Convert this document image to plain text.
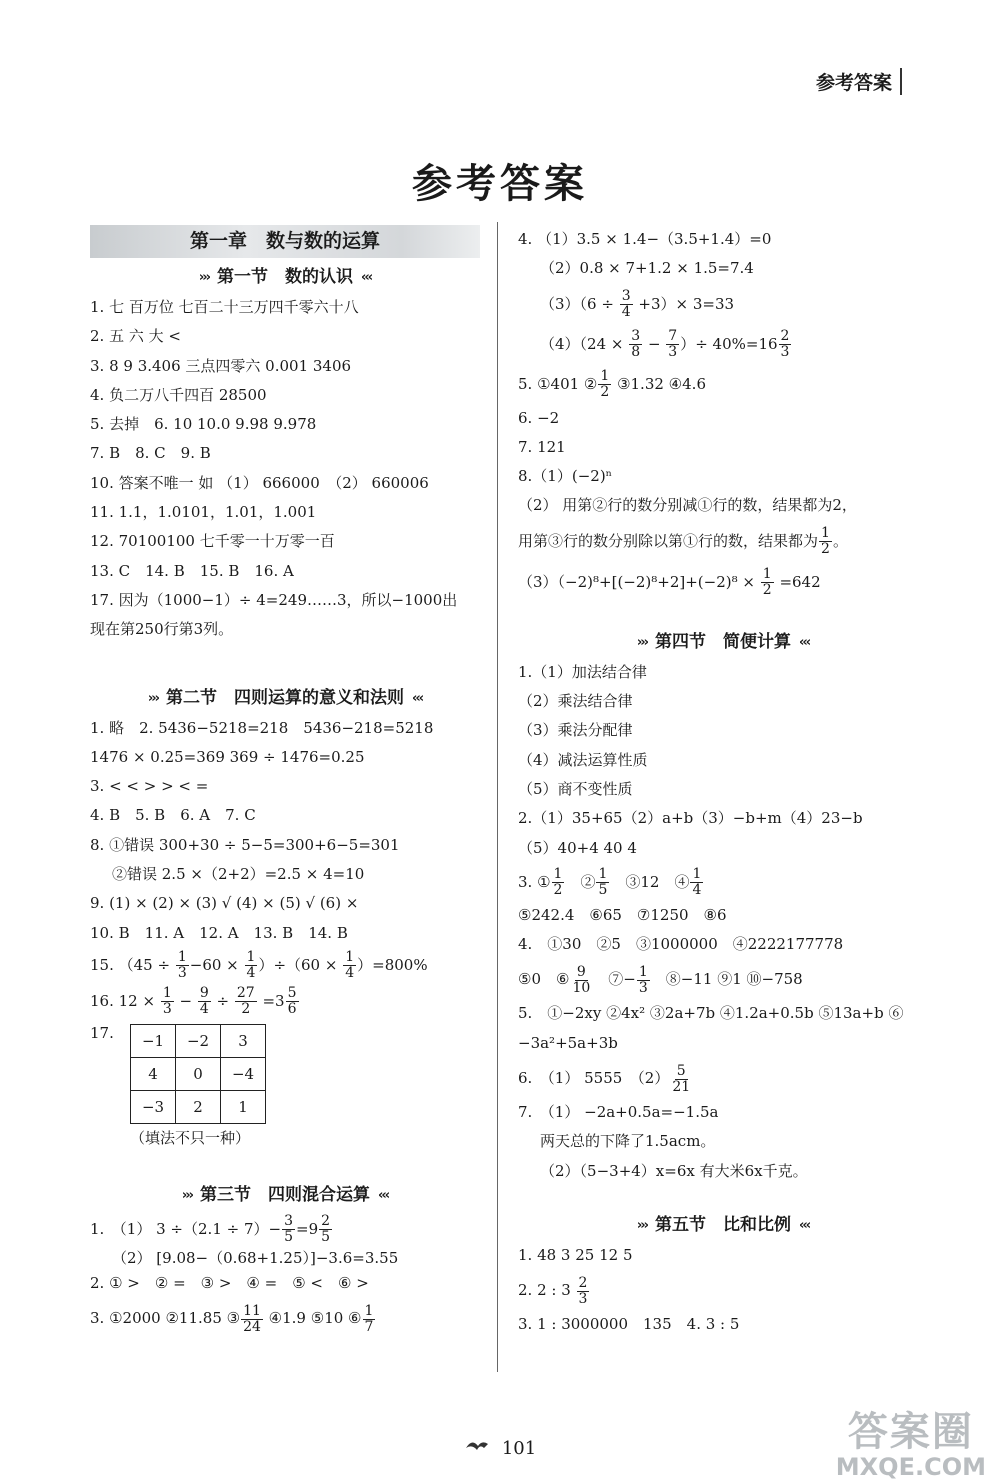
参考答案
参考答案
第一章　数与数的运算
››› 第一节　数的认识 ‹‹‹
1. 七 百万位 七百二十三万四千零六十八
2. 五 六 大 <
3. 8 9 3.406 三点四零六 0.001 3406
4. 负二万八千四百 28500
5. 去掉　6. 10 10.0 9.98 9.978
7. B　8. C　9. B
10. 答案不唯一 如 （1） 666000　（2） 660006
11. 1.1，1.0101，1.01，1.001
12. 70100100 七千零一十万零一百
13. C　14. B　15. B　16. A
17. 因为（1000−1）÷ 4=249……3，所以−1000出
现在第250行第3列。
››› 第二节　四则运算的意义和法则 ‹‹‹
1. 略　2. 5436−5218=218　5436−218=5218
1476 × 0.25=369 369 ÷ 1476=0.25
3. < < > > < =
4. B　5. B　6. A　7. C
8. ①错误 300+30 ÷ 5−5=300+6−5=301
②错误 2.5 ×（2+2）=2.5 × 4=10
9. (1) × (2) × (3) √ (4) × (5) √ (6) ×
10. B　11. A　12. A　13. B　14. B
15. $(45 \div \frac{1}{3} -60 \times \frac{1}{4} )\div(60 \times \frac{1}{4} )=800\%$
16. $12 \times \frac{1}{3} - \frac{9}{4} \div \frac{27}{2} =3 \frac{5}{6}$
17.	−1	−2	3
4	0	−4
−3	2	1
（填法不只一种）
››› 第三节　四则混合运算 ‹‹‹
1.　（1） $3 \div(2.1 \div 7)- \frac{3}{5} =9 \frac{2}{5}$
（2） [9.08−（0.68+1.25）]−3.6=3.55
2. ① >　② =　③ >　④ =　⑤ <　⑥ >
3. ①2000 ②11.85 ③ $\frac{11}{24}$ ④1.9 ⑤10 ⑥ $\frac{1}{7}$
4. （1）3.5 × 1.4−（3.5+1.4）=0
（2）0.8 × 7+1.2 × 1.5=7.4
$(3)(6 \div \frac{3}{4} +3)\times 3=33$
$(4)(24 \times \frac{3}{8} - \frac{7}{3}$ ）÷ $40\%=16 \frac{2}{3}$
5. ①401 ② $\frac{1}{2}$ ③1.32 ④4.6
6. −2
7. 121
8.（1）(−2)ⁿ
（2） 用第②行的数分别减①行的数，结果都为2，
用第③行的数分别除以第①行的数，结果都为 $\frac{1}{2}$ 。
$(3)(-2)^8+[(-2)^8+2]+(-2)^8 \times \frac{1}{2} =642$
››› 第四节　简便计算 ‹‹‹
1.（1）加法结合律
（2）乘法结合律
（3）乘法分配律
（4）减法运算性质
（5）商不变性质
2.（1）35+65（2）a+b（3）−b+m（4）23−b
（5）40+4 40 4
3. ① $\frac{1}{2}$ 　② $\frac{1}{5}$ 　③12　④ $\frac{1}{4}$
⑤242.4　⑥65　⑦1250　⑧6
4.　①30　②5　③1000000　④2222177778
⑤0　⑥ $\frac{9}{10}$ 　⑦− $\frac{1}{3}$ 　⑧−11 ⑨1 ⑩−758
5.　①−2xy ②4x² ③2a+7b ④1.2a+0.5b ⑤13a+b ⑥
−3a²+5a+3b
6.　（1） 5555　$(2) \frac{5}{21}$
7.　（1） −2a+0.5a=−1.5a
两天总的下降了1.5acm。
（2）（5−3+4）x=6x 有大米6x千克。
››› 第五节　比和比例 ‹‹‹
1. 48 3 25 12 5
2. 2 : $3 \frac{2}{3}$
3. 1 : 3000000　135　4. 3 : 5
101	答案圈
MXQE.COM
